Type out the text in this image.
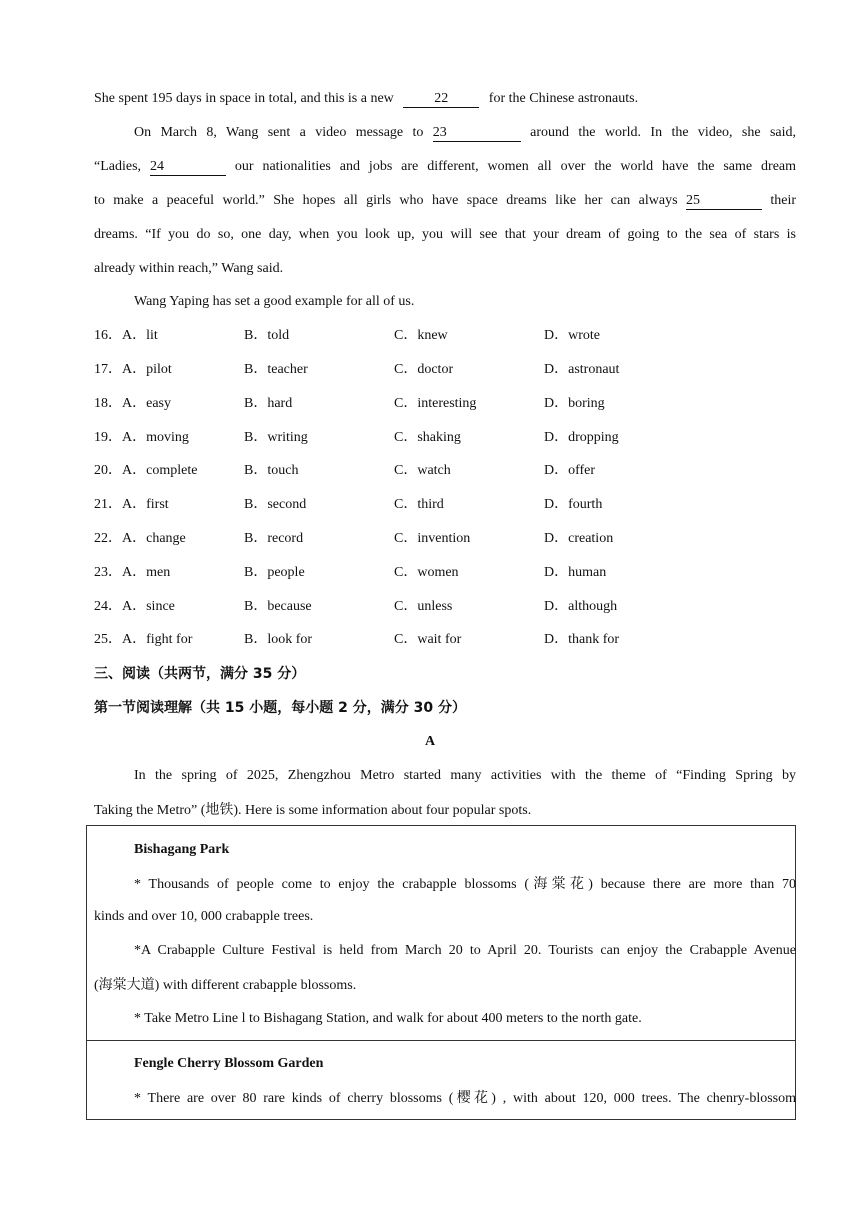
She spent 195 days in space in total, and this is a new	22	for the Chinese astronauts.
On March 8, Wang sent a video message to 23	around the world. In the video, she said,
“Ladies, 24	our nationalities and jobs are different, women all over the world have the same dream
to make a peaceful world.” She hopes all girls who have space dreams like her can always 25	their
dreams. “If you do so, one day, when you look up, you will see that your dream of going to the sea of stars is
already within reach,” Wang said.
Wang Yaping has set a good example for all of us.
16．A．lit	B．told	C．knew	D．wrote
17．A．pilot	B．teacher	C．doctor	D．astronaut
18．A．easy	B．hard	C．interesting	D．boring
19．A．moving	B．writing	C．shaking	D．dropping
20．A．complete	B．touch	C．watch	D．offer
21．A．first	B．second	C．third	D．fourth
22．A．change	B．record	C．invention	D．creation
23．A．men	B．people	C．women	D．human
24．A．since	B．because	C．unless	D．although
25．A．fight for	B．look for	C．wait for	D．thank for
三、阅读（共两节，满分 35 分）
第一节阅读理解（共 15 小题，每小题 2 分，满分 30 分）
A
In the spring of 2025, Zhengzhou Metro started many activities with the theme of “Finding Spring by
Taking the Metro” (地铁). Here is some information about four popular spots.
Bishagang Park
* Thousands of people come to enjoy the crabapple blossoms (海棠花) because there are more than 70
kinds and over 10, 000 crabapple trees.
*A Crabapple Culture Festival is held from March 20 to April 20. Tourists can enjoy the Crabapple Avenue
(海棠大道) with different crabapple blossoms.
* Take Metro Line l to Bishagang Station, and walk for about 400 meters to the north gate.
Fengle Cherry Blossom Garden
* There are over 80 rare kinds of cherry blossoms (樱花) , with about 120, 000 trees. The chenry-blossom
